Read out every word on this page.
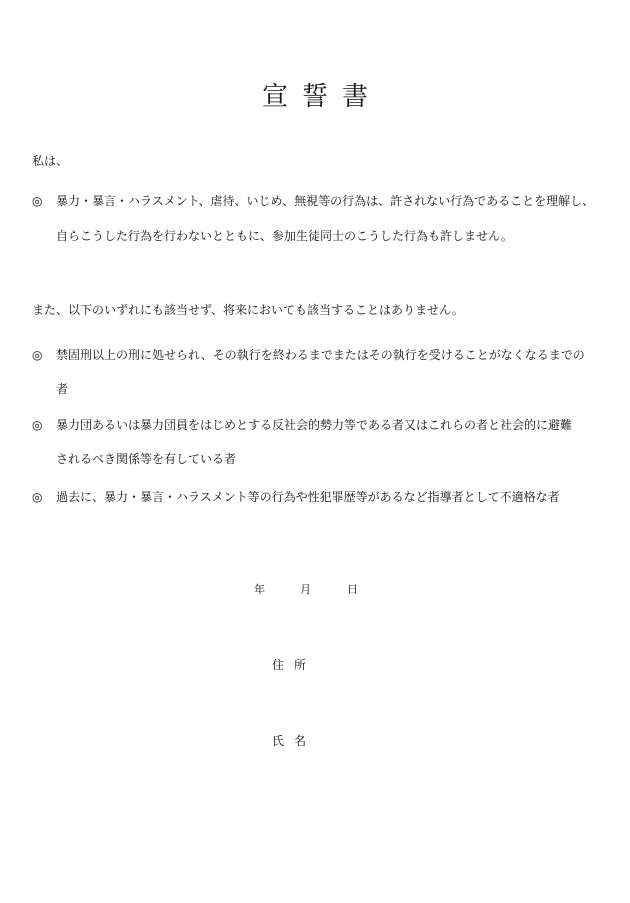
宣誓書
私は、
◎ 暴力・暴言・ハラスメント、虐待、いじめ、無視等の行為は、許されない行為であることを理解し、
自らこうした行為を行わないとともに、参加生徒同士のこうした行為も許しません。
また、以下のいずれにも該当せず、将来においても該当することはありません。
◎ 禁固刑以上の刑に処せられ、その執行を終わるまでまたはその執行を受けることがなくなるまでの
者
◎ 暴力団あるいは暴力団員をはじめとする反社会的勢力等である者又はこれらの者と社会的に避難
されるべき関係等を有している者
◎ 過去に、暴力・暴言・ハラスメント等の行為や性犯罪歴等があるなど指導者として不適格な者
年	月	日
住所
氏名
